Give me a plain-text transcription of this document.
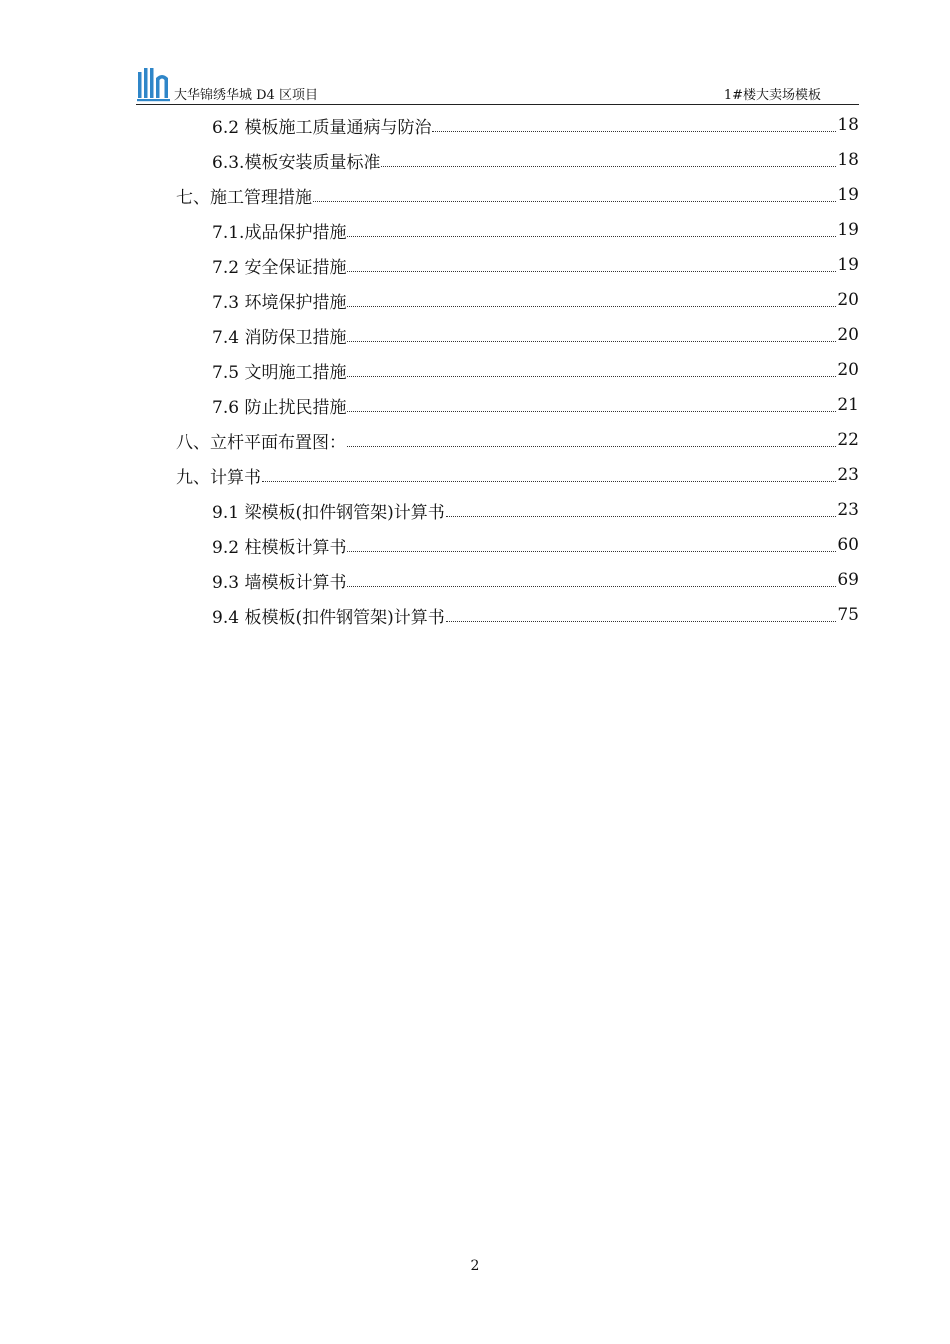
大华锦绣华城 D4 区项目	1#楼大卖场模板
6.2 模板施工质量通病与防治	18
6.3.模板安装质量标准	18
七、施工管理措施	19
7.1.成品保护措施	19
7.2 安全保证措施	19
7.3 环境保护措施	20
7.4 消防保卫措施	20
7.5 文明施工措施	20
7.6 防止扰民措施	21
八、立杆平面布置图：	22
九、计算书	23
9.1 梁模板(扣件钢管架)计算书	23
9.2 柱模板计算书	60
9.3 墙模板计算书	69
9.4 板模板(扣件钢管架)计算书	75
2
